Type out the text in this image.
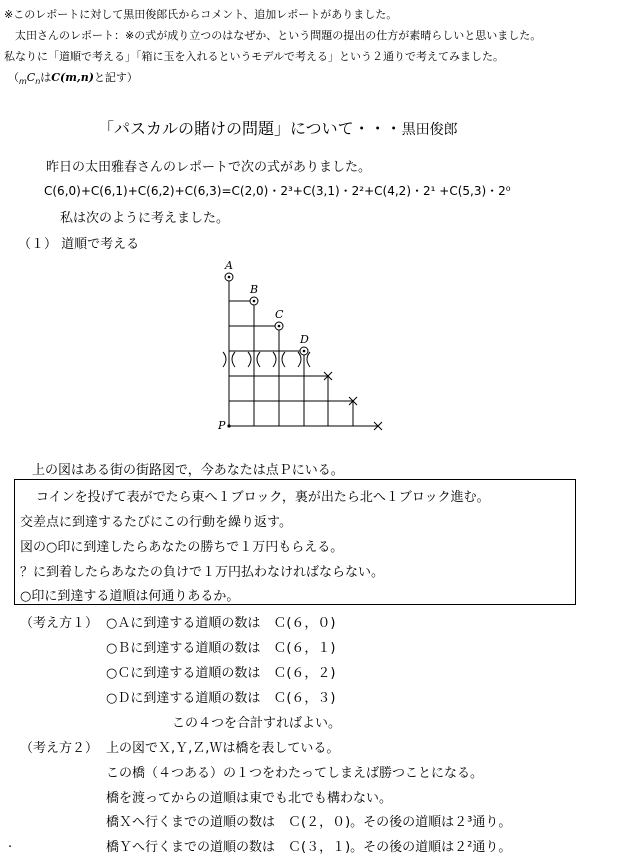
※このレポートに対して黒田俊郎氏からコメント、追加レポートがありました。
　太田さんのレポート：※の式が成り立つのはなぜか、という問題の提出の仕方が素晴らしいと思いました。
私なりに「道順で考える」「箱に玉を入れるというモデルで考える」という２通りで考えてみました。
（$_mC_n$はC(m,n)と記す）
「パスカルの賭けの問題」について・・・黒田俊郎
昨日の太田雅春さんのレポートで次の式がありました。
C(6,0)+C(6,1)+C(6,2)+C(6,3)=C(2,0)・2³+C(3,1)・2²+C(4,2)・2¹ +C(5,3)・2⁰
私は次のように考えました。
（１） 道順で考える
A
B
C
D
P
上の図はある街の街路図で，今あなたは点Ｐにいる。
コインを投げて表がでたら東へ１ブロック，裏が出たら北へ１ブロック進む。
交差点に到達するたびにこの行動を繰り返す。
図の○印に到達したらあなたの勝ちで１万円もらえる。
？に到着したらあなたの負けで１万円払わなければならない。
○印に到達する道順は何通りあるか。
（考え方１） ○Ａに到達する道順の数は　Ｃ(６，０)
○Ｂに到達する道順の数は　Ｃ(６，１)
○Ｃに到達する道順の数は　Ｃ(６，２)
○Ｄに到達する道順の数は　Ｃ(６，３)
この４つを合計すればよい。
（考え方２） 上の図でＸ,Ｙ,Ｚ,Ｗは橋を表している。
この橋（４つある）の１つをわたってしまえば勝つことになる。
橋を渡ってからの道順は東でも北でも構わない。
橋Ｘへ行くまでの道順の数は　Ｃ(２，０)。その後の道順は２³通り。
橋Ｙへ行くまでの道順の数は　Ｃ(３，１)。その後の道順は２²通り。
.
